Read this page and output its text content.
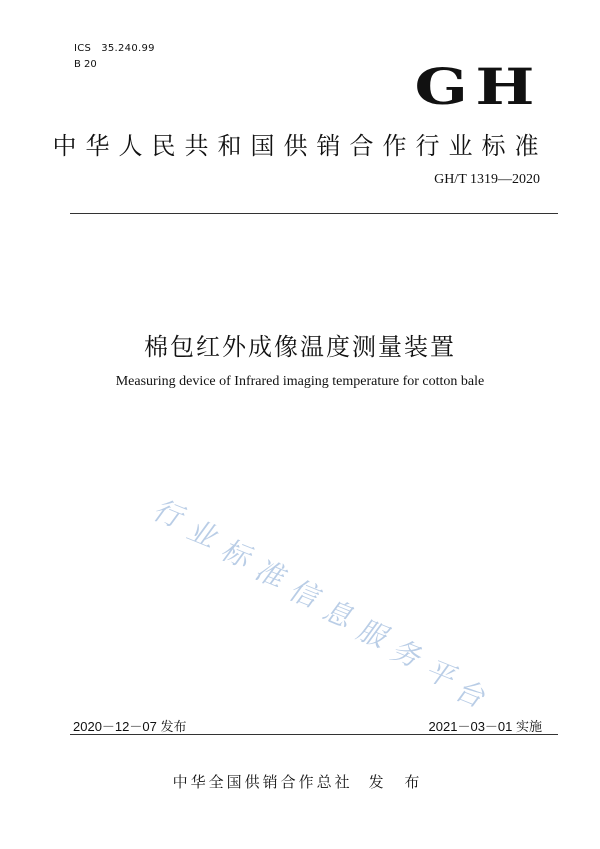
ICS 35.240.99
B 20	GH
中华人民共和国供销合作行业标准
GH/T 1319—2020
棉包红外成像温度测量装置
Measuring device of Infrared imaging temperature for cotton bale
行
业
标
准
信
息
服
务
平
台
2020－12－07 发布	2021－03－01 实施
中华全国供销合作总社 发 布
